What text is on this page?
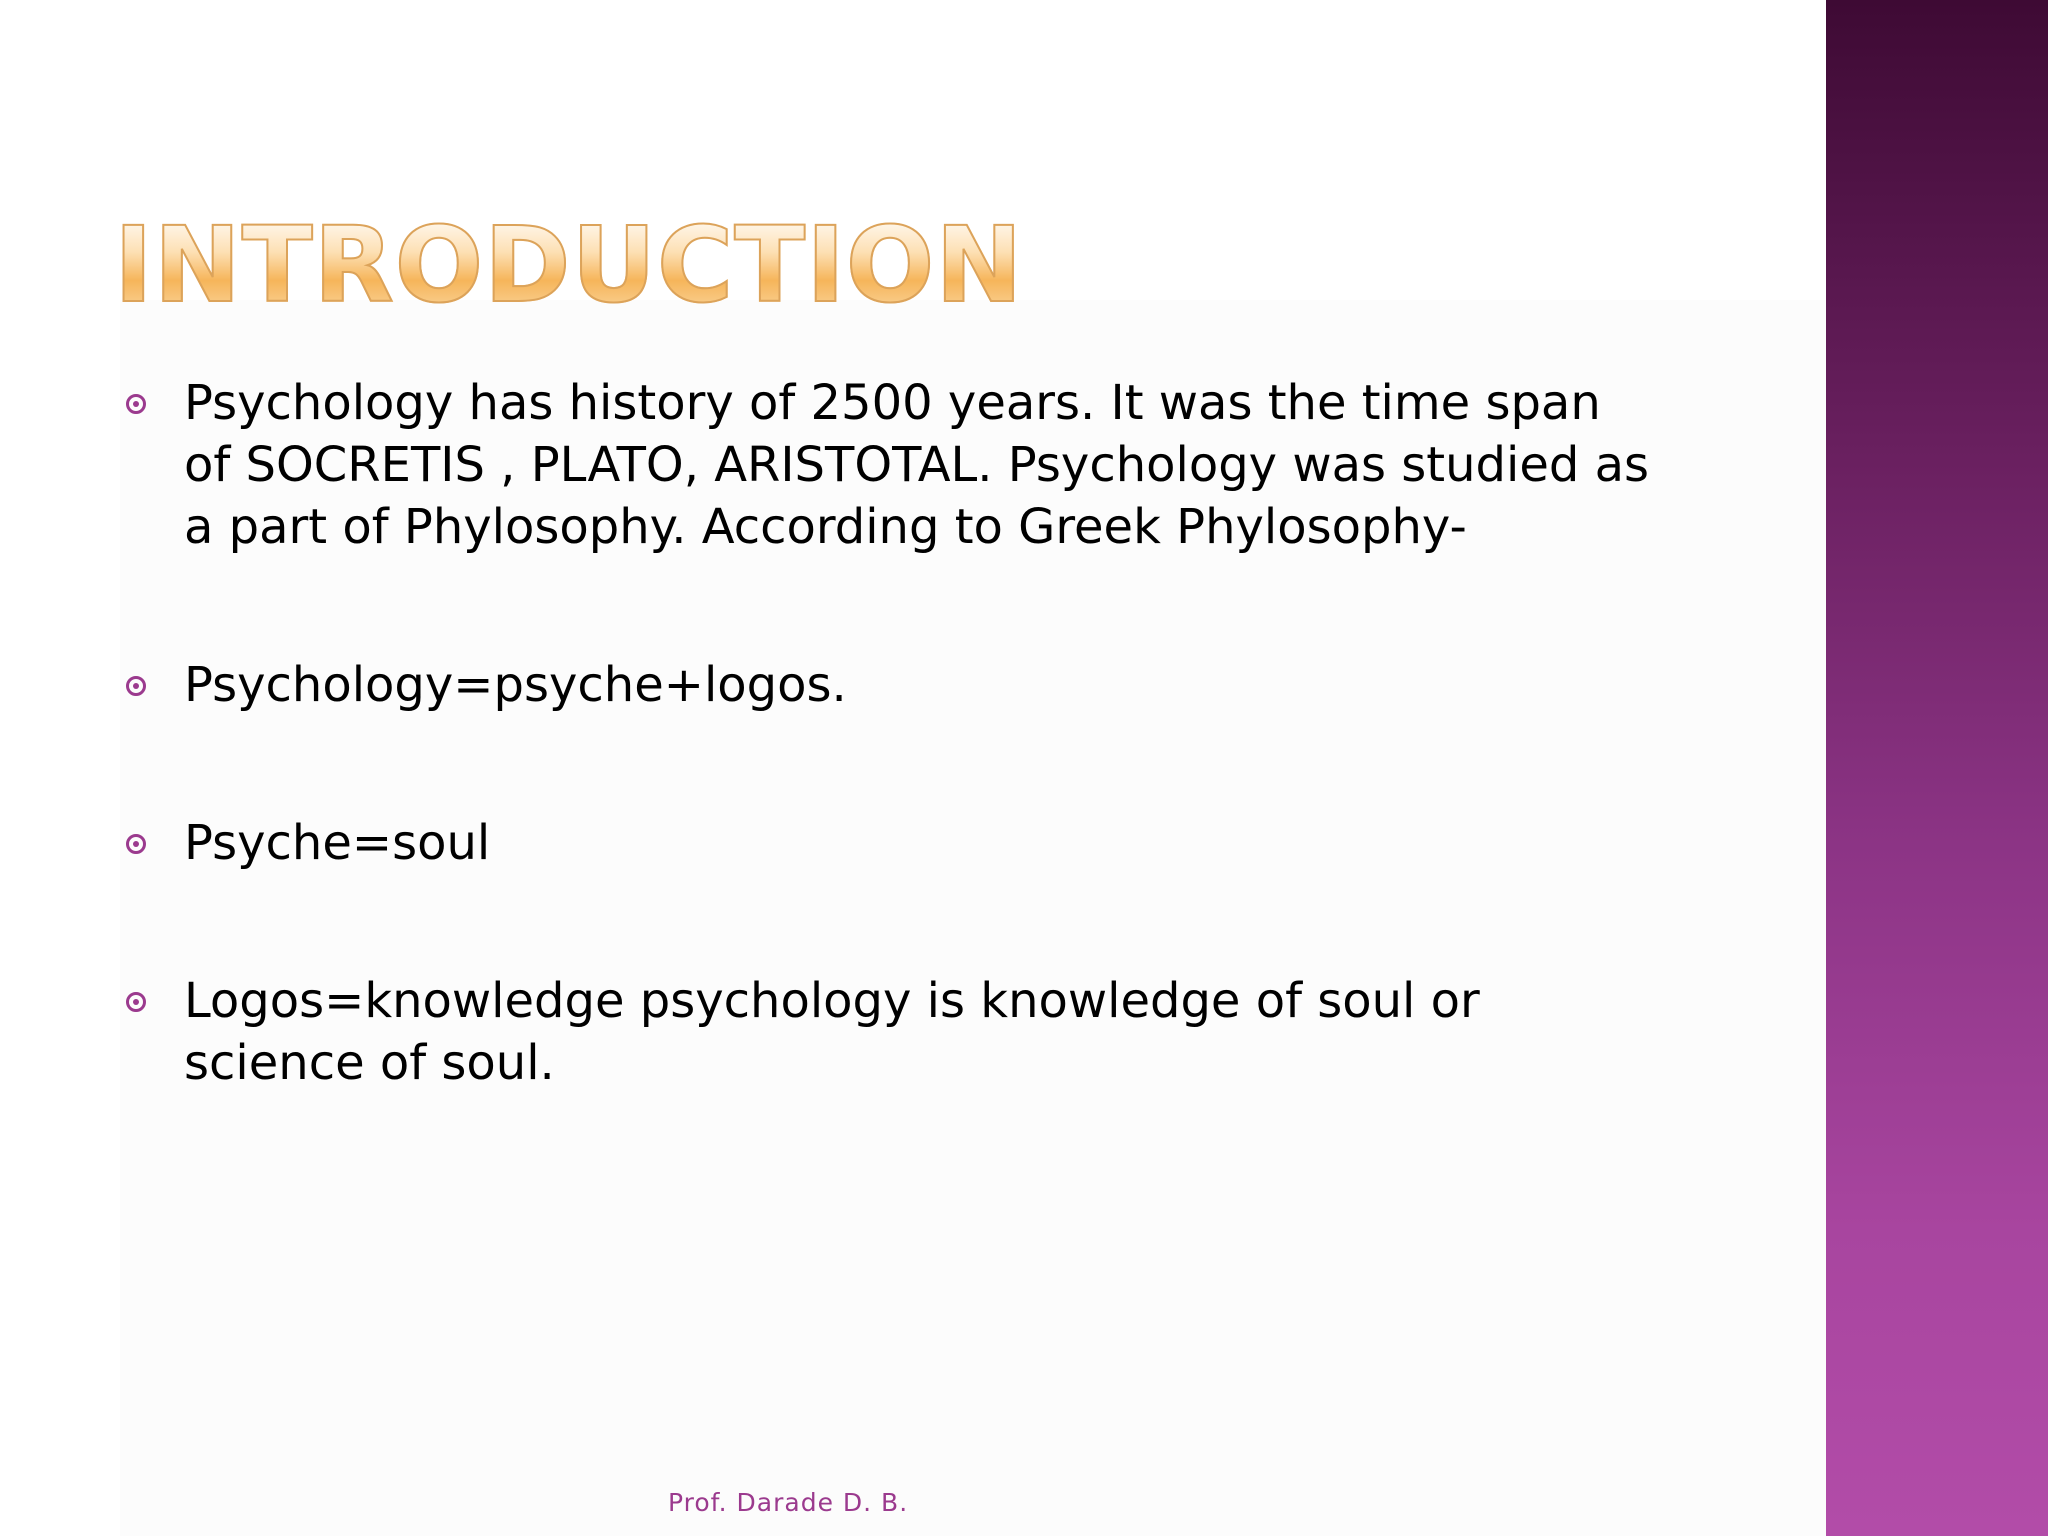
INTRODUCTION
Psychology has history of 2500 years. It was the time span of SOCRETIS , PLATO, ARISTOTAL. Psychology was studied as a part of Phylosophy. According to Greek Phylosophy-
Psychology=psyche+logos.
Psyche=soul
Logos=knowledge psychology is knowledge of soul or science of soul.
Prof. Darade D. B.
